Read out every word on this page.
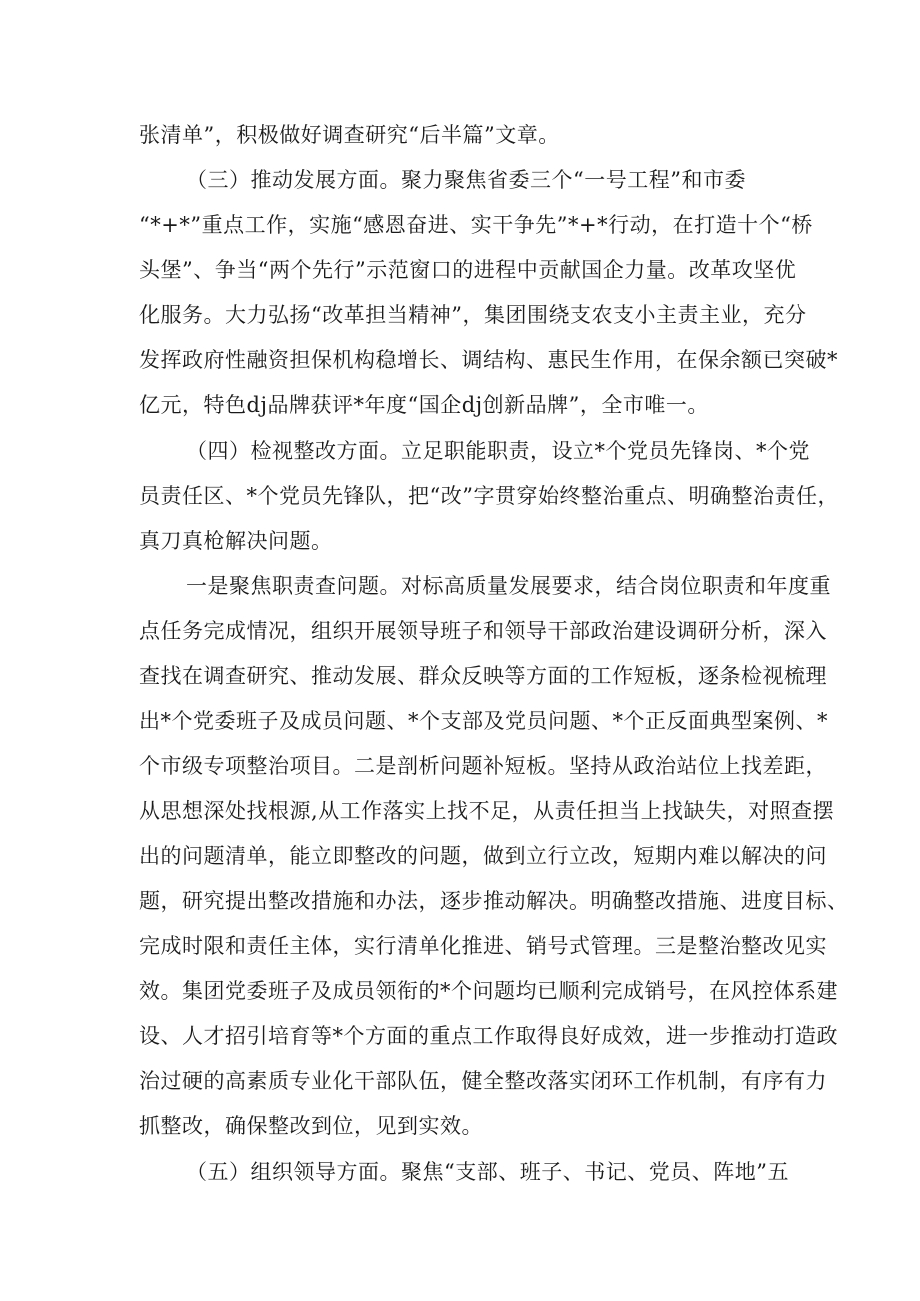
张清单”，积极做好调查研究“后半篇”文章。
（三）推动发展方面。聚力聚焦省委三个“一号工程”和市委
“*+*”重点工作，实施“感恩奋进、实干争先”*+*行动，在打造十个“桥
头堡”、争当“两个先行”示范窗口的进程中贡献国企力量。改革攻坚优
化服务。大力弘扬“改革担当精神”，集团围绕支农支小主责主业，充分
发挥政府性融资担保机构稳增长、调结构、惠民生作用，在保余额已突破*
亿元，特色dj品牌获评*年度“国企dj创新品牌”，全市唯一。
（四）检视整改方面。立足职能职责，设立*个党员先锋岗、*个党
员责任区、*个党员先锋队，把“改”字贯穿始终整治重点、明确整治责任，
真刀真枪解决问题。
一是聚焦职责查问题。对标高质量发展要求，结合岗位职责和年度重
点任务完成情况，组织开展领导班子和领导干部政治建设调研分析，深入
查找在调查研究、推动发展、群众反映等方面的工作短板，逐条检视梳理
出*个党委班子及成员问题、*个支部及党员问题、*个正反面典型案例、*
个市级专项整治项目。二是剖析问题补短板。坚持从政治站位上找差距，
从思想深处找根源,从工作落实上找不足，从责任担当上找缺失，对照查摆
出的问题清单，能立即整改的问题，做到立行立改，短期内难以解决的问
题，研究提出整改措施和办法，逐步推动解决。明确整改措施、进度目标、
完成时限和责任主体，实行清单化推进、销号式管理。三是整治整改见实
效。集团党委班子及成员领衔的*个问题均已顺利完成销号，在风控体系建
设、人才招引培育等*个方面的重点工作取得良好成效，进一步推动打造政
治过硬的高素质专业化干部队伍，健全整改落实闭环工作机制，有序有力
抓整改，确保整改到位，见到实效。
（五）组织领导方面。聚焦“支部、班子、书记、党员、阵地”五
